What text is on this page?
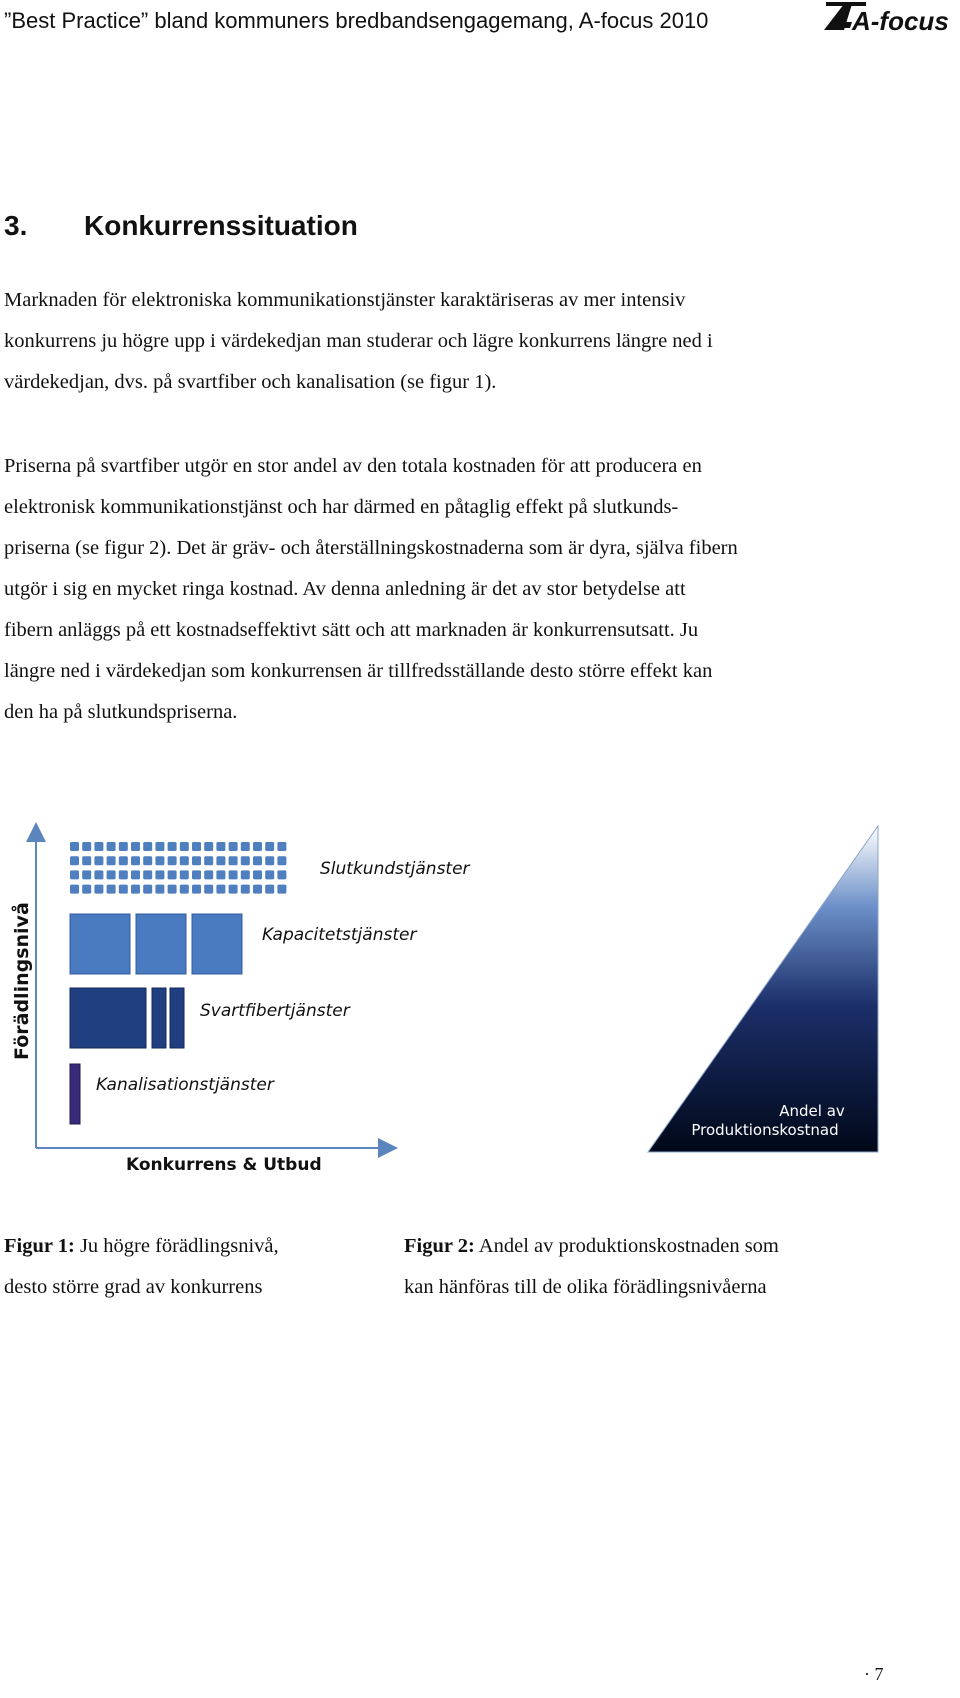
”Best Practice” bland kommuners bredbandsengagemang, A-focus 2010	A-focus
3. Konkurrenssituation

Marknaden för elektroniska kommunikationstjänster karaktäriseras av mer intensiv
konkurrens ju högre upp i värdekedjan man studerar och lägre konkurrens längre ned i
värdekedjan, dvs. på svartfiber och kanalisation (se figur 1).

Priserna på svartfiber utgör en stor andel av den totala kostnaden för att producera en
elektronisk kommunikationstjänst och har därmed en påtaglig effekt på slutkunds-
priserna (se figur 2). Det är gräv- och återställningskostnaderna som är dyra, själva fibern
utgör i sig en mycket ringa kostnad. Av denna anledning är det av stor betydelse att
fibern anläggs på ett kostnadseffektivt sätt och att marknaden är konkurrensutsatt. Ju
längre ned i värdekedjan som konkurrensen är tillfredsställande desto större effekt kan
den ha på slutkundspriserna.

Förädlingsnivå
Konkurrens & Utbud
Slutkundstjänster
Kapacitetstjänster
Svartfibertjänster
Kanalisationstjänster
Andel av
Produktionskostnad
Figur 1: Ju högre förädlingsnivå,
desto större grad av konkurrens
Figur 2: Andel av produktionskostnaden som
kan hänföras till de olika förädlingsnivåerna
· 7
